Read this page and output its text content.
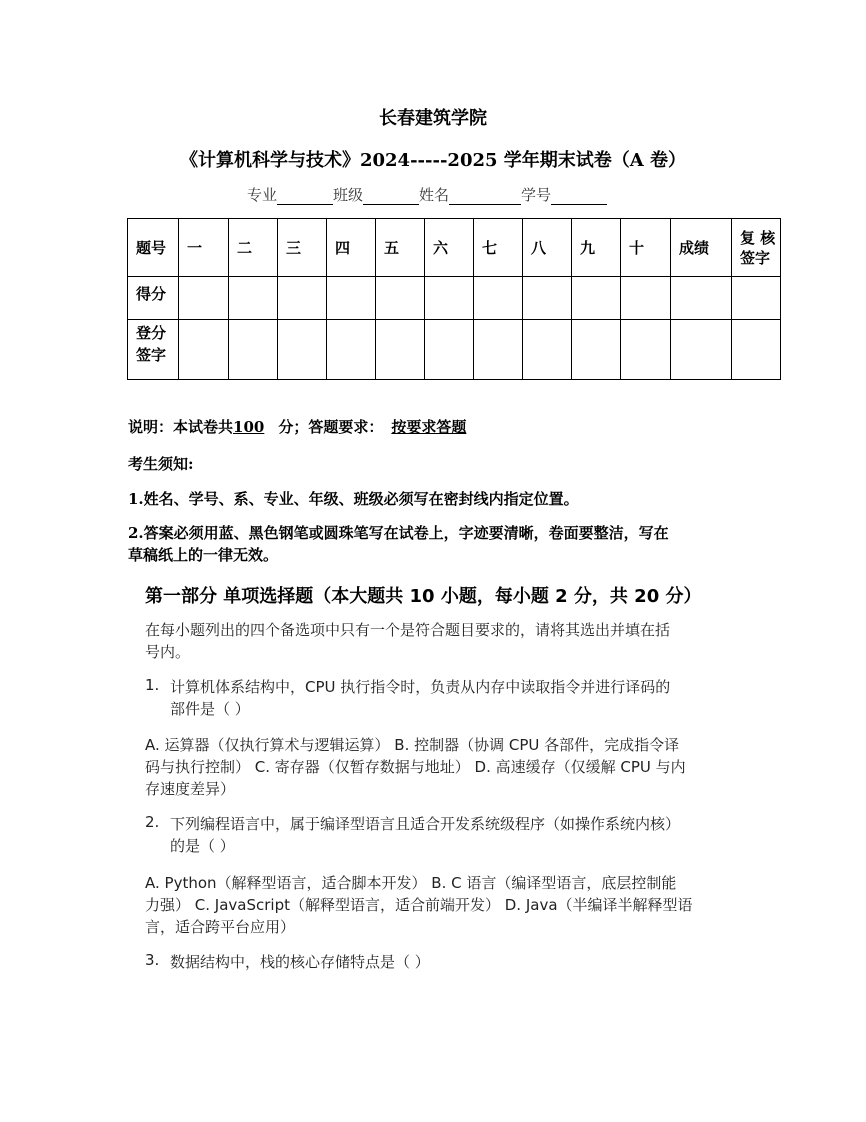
长春建筑学院
《计算机科学与技术》2024-----2025 学年期末试卷（A 卷）
专业	班级	姓名	学号
题号	一	二	三	四	五	六	七	八	九	十	成绩	复 核 签字
得分												
登分 签字												
说明：本试卷共100 分；答题要求： 按要求答题
考生须知:
1.姓名、学号、系、专业、年级、班级必须写在密封线内指定位置。
2.答案必须用蓝、黑色钢笔或圆珠笔写在试卷上，字迹要清晰，卷面要整洁，写在
草稿纸上的一律无效。
第一部分 单项选择题（本大题共 10 小题，每小题 2 分，共 20 分）
在每小题列出的四个备选项中只有一个是符合题目要求的，请将其选出并填在括
号内。
1. 计算机体系结构中，CPU 执行指令时，负责从内存中读取指令并进行译码的
部件是（ ）
A. 运算器（仅执行算术与逻辑运算） B. 控制器（协调 CPU 各部件，完成指令译
码与执行控制） C. 寄存器（仅暂存数据与地址） D. 高速缓存（仅缓解 CPU 与内
存速度差异）
2. 下列编程语言中，属于编译型语言且适合开发系统级程序（如操作系统内核）
的是（ ）
A. Python（解释型语言，适合脚本开发） B. C 语言（编译型语言，底层控制能
力强） C. JavaScript（解释型语言，适合前端开发） D. Java（半编译半解释型语
言，适合跨平台应用）
3. 数据结构中，栈的核心存储特点是（ ）
